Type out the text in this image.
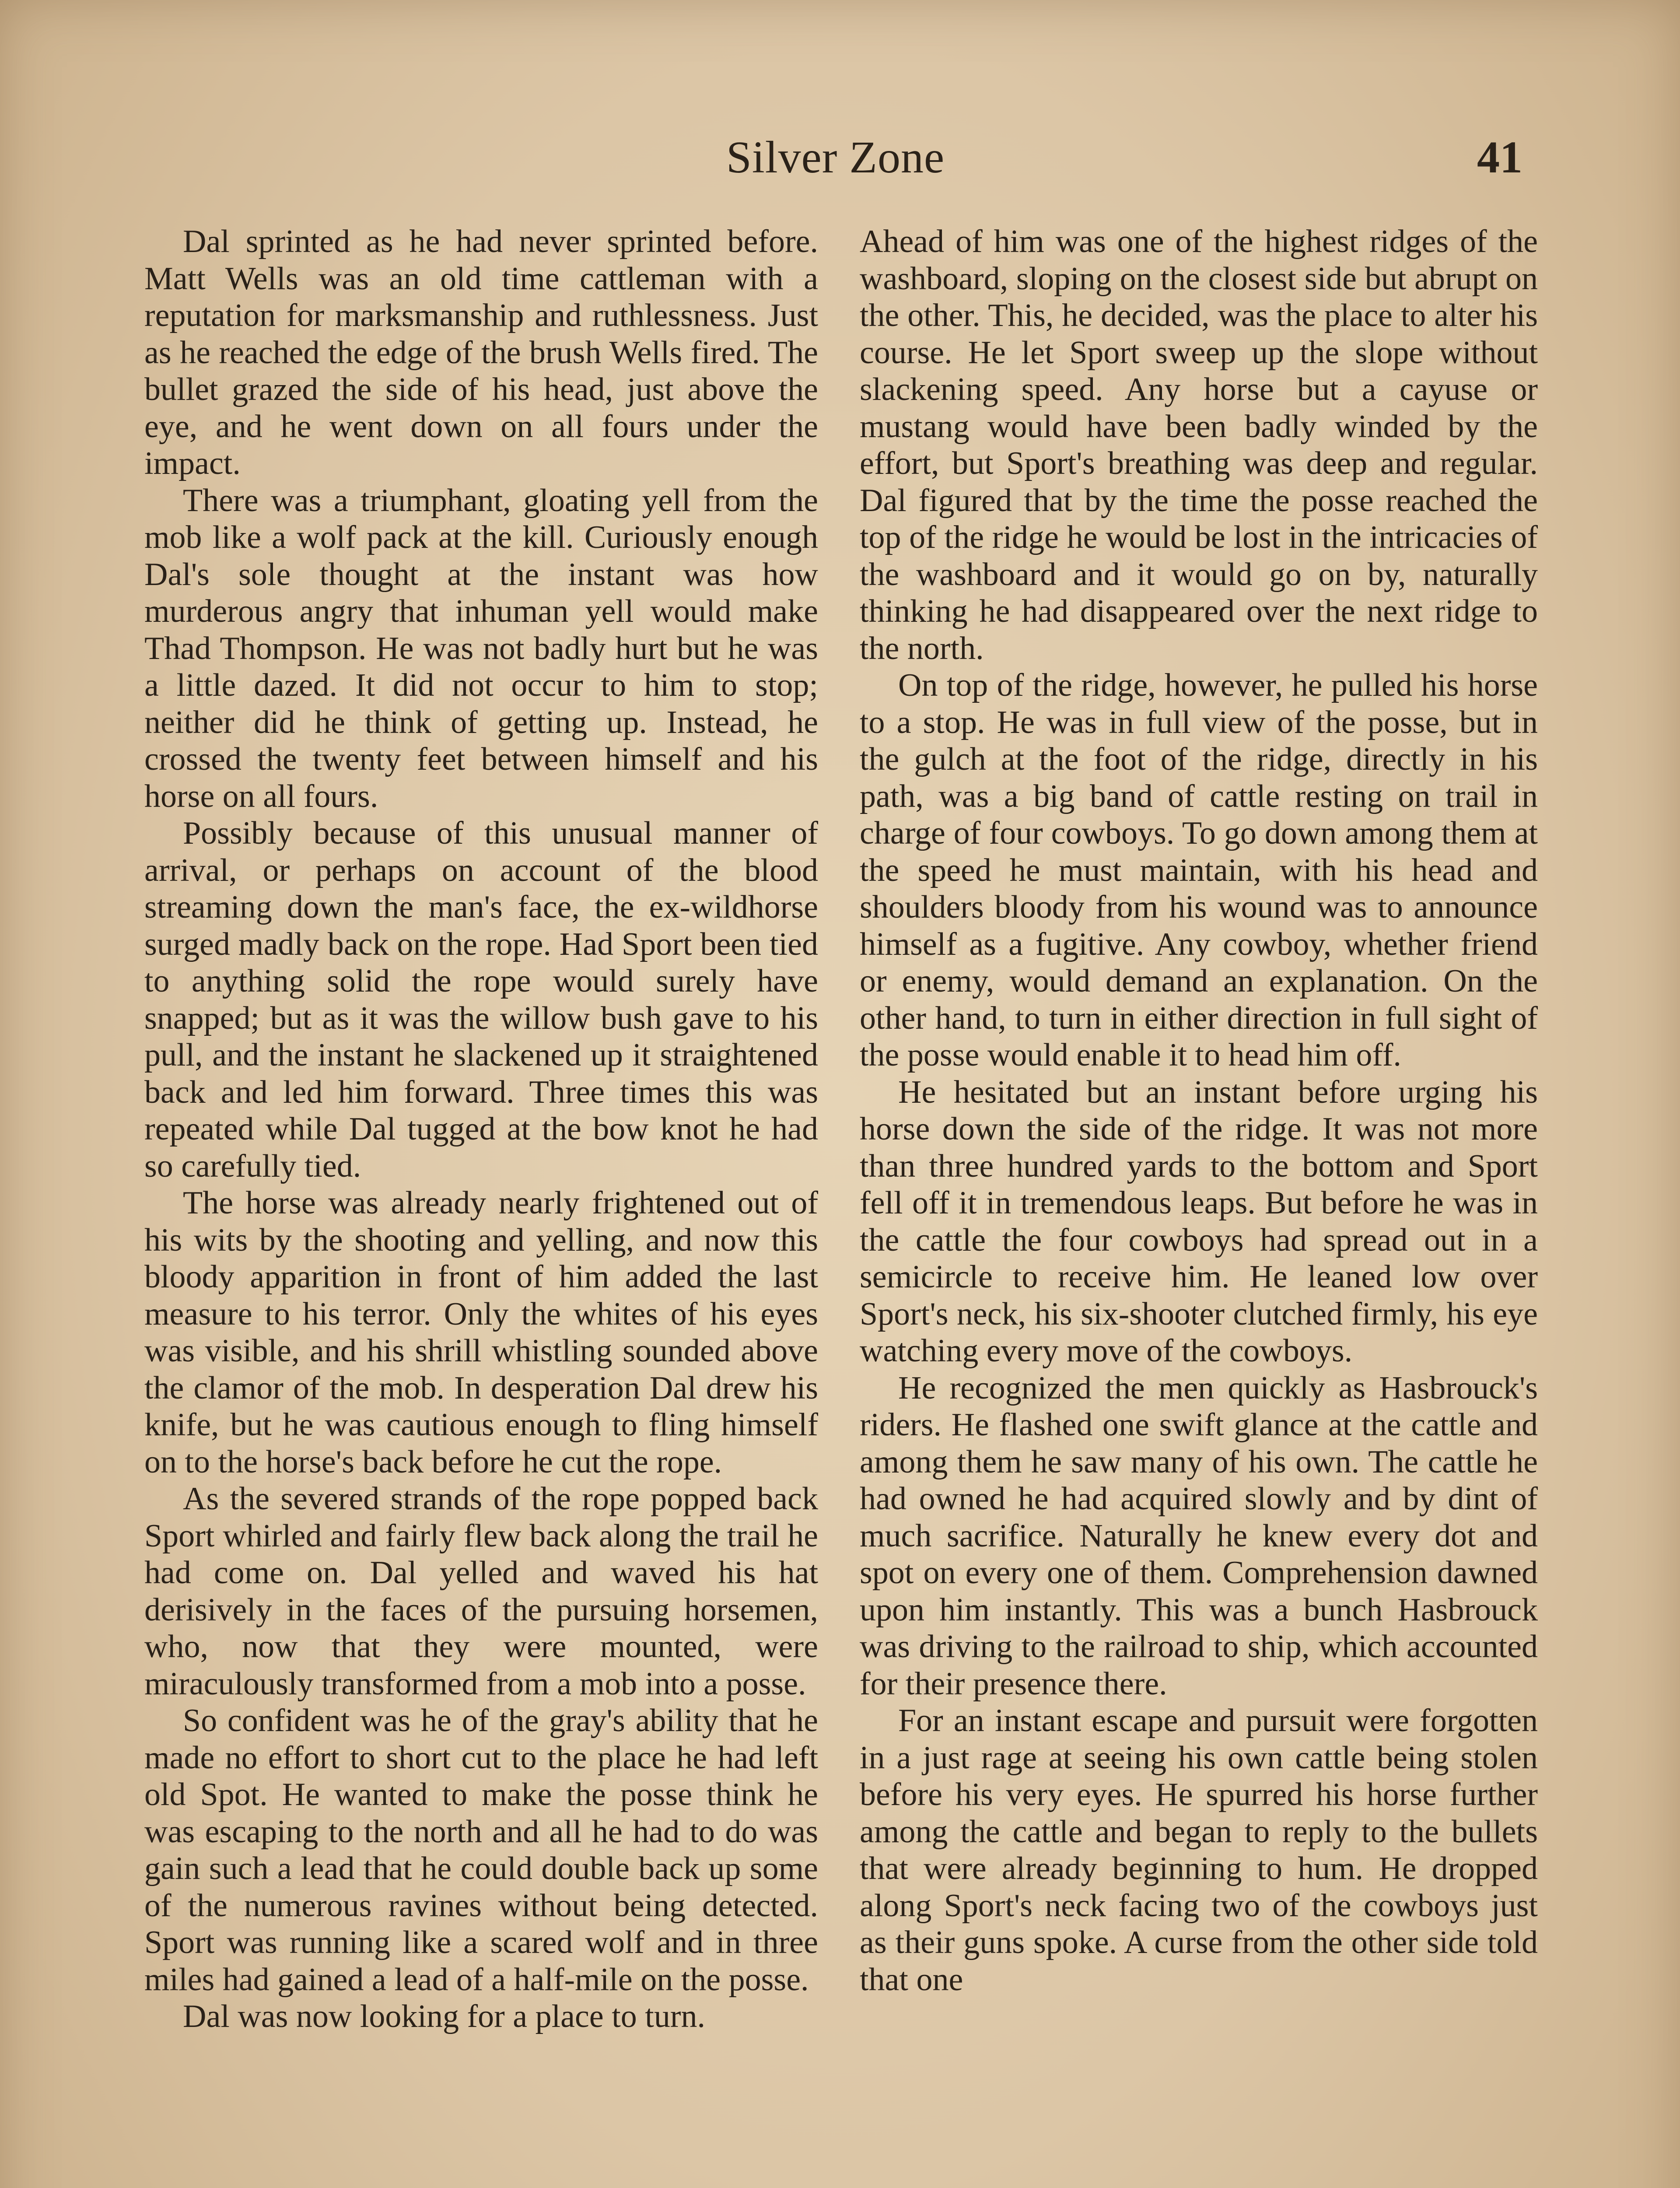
Silver Zone	41

Dal sprinted as he had never sprinted before. Matt Wells was an old time cattleman with a reputation for marksmanship and ruthlessness. Just as he reached the edge of the brush Wells fired. The bullet grazed the side of his head, just above the eye, and he went down on all fours under the impact.

There was a triumphant, gloating yell from the mob like a wolf pack at the kill. Curiously enough Dal's sole thought at the instant was how murderous angry that inhuman yell would make Thad Thompson. He was not badly hurt but he was a little dazed. It did not occur to him to stop; neither did he think of getting up. Instead, he crossed the twenty feet between himself and his horse on all fours.

Possibly because of this unusual manner of arrival, or perhaps on account of the blood streaming down the man's face, the ex-wildhorse surged madly back on the rope. Had Sport been tied to anything solid the rope would surely have snapped; but as it was the willow bush gave to his pull, and the instant he slackened up it straightened back and led him forward. Three times this was repeated while Dal tugged at the bow knot he had so carefully tied.

The horse was already nearly frightened out of his wits by the shooting and yelling, and now this bloody apparition in front of him added the last measure to his terror. Only the whites of his eyes was visible, and his shrill whistling sounded above the clamor of the mob. In desperation Dal drew his knife, but he was cautious enough to fling himself on to the horse's back before he cut the rope.

As the severed strands of the rope popped back Sport whirled and fairly flew back along the trail he had come on. Dal yelled and waved his hat derisively in the faces of the pursuing horsemen, who, now that they were mounted, were miraculously transformed from a mob into a posse.

So confident was he of the gray's ability that he made no effort to short cut to the place he had left old Spot. He wanted to make the posse think he was escaping to the north and all he had to do was gain such a lead that he could double back up some of the numerous ravines without being detected. Sport was running like a scared wolf and in three miles had gained a lead of a half-mile on the posse.

Dal was now looking for a place to turn.

Ahead of him was one of the highest ridges of the washboard, sloping on the closest side but abrupt on the other. This, he decided, was the place to alter his course. He let Sport sweep up the slope without slackening speed. Any horse but a cayuse or mustang would have been badly winded by the effort, but Sport's breathing was deep and regular. Dal figured that by the time the posse reached the top of the ridge he would be lost in the intricacies of the washboard and it would go on by, naturally thinking he had disappeared over the next ridge to the north.

On top of the ridge, however, he pulled his horse to a stop. He was in full view of the posse, but in the gulch at the foot of the ridge, directly in his path, was a big band of cattle resting on trail in charge of four cowboys. To go down among them at the speed he must maintain, with his head and shoulders bloody from his wound was to announce himself as a fugitive. Any cowboy, whether friend or enemy, would demand an explanation. On the other hand, to turn in either direction in full sight of the posse would enable it to head him off.

He hesitated but an instant before urging his horse down the side of the ridge. It was not more than three hundred yards to the bottom and Sport fell off it in tremendous leaps. But before he was in the cattle the four cowboys had spread out in a semicircle to receive him. He leaned low over Sport's neck, his six-shooter clutched firmly, his eye watching every move of the cowboys.

He recognized the men quickly as Hasbrouck's riders. He flashed one swift glance at the cattle and among them he saw many of his own. The cattle he had owned he had acquired slowly and by dint of much sacrifice. Naturally he knew every dot and spot on every one of them. Comprehension dawned upon him instantly. This was a bunch Hasbrouck was driving to the railroad to ship, which accounted for their presence there.

For an instant escape and pursuit were forgotten in a just rage at seeing his own cattle being stolen before his very eyes. He spurred his horse further among the cattle and began to reply to the bullets that were already beginning to hum. He dropped along Sport's neck facing two of the cowboys just as their guns spoke. A curse from the other side told that one
